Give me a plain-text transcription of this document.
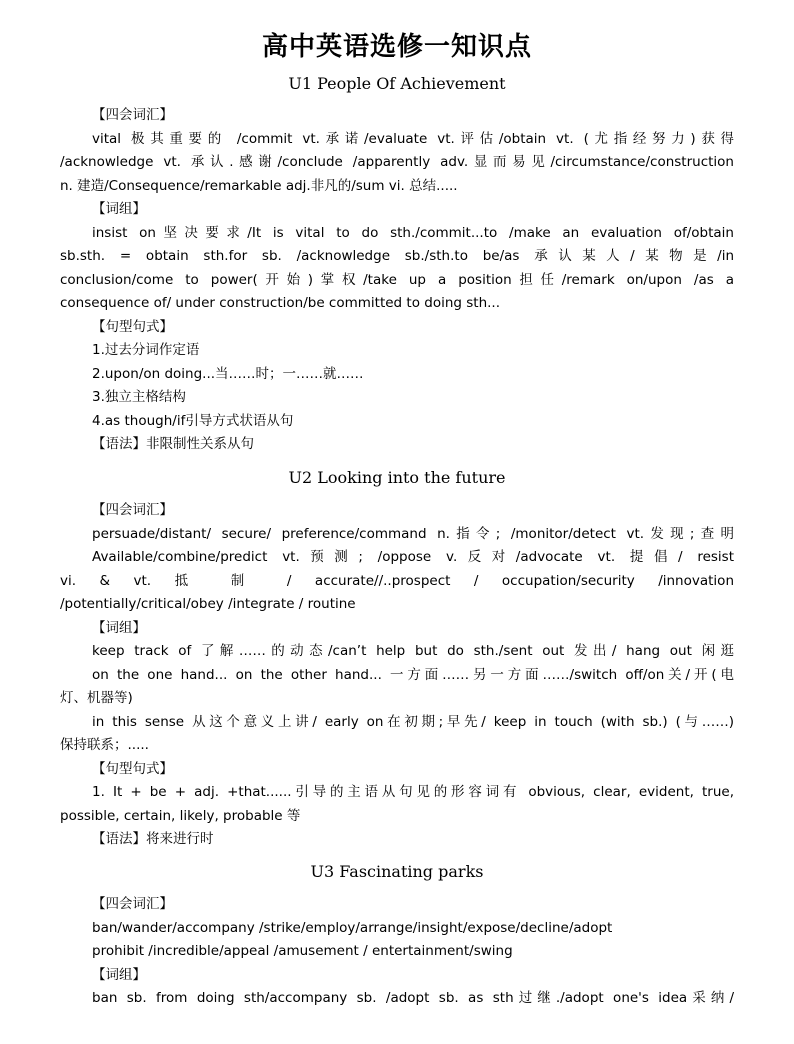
高中英语选修一知识点
U1 People Of Achievement
【四会词汇】
vital 极其重要的 /commit vt.承诺/evaluate vt.评估/obtain vt. (尤指经努力)获得
/acknowledge vt. 承认.感谢/conclude /apparently adv.显而易见/circumstance/construction
n. 建造/Consequence/remarkable adj.非凡的/sum vi. 总结.....
【词组】
insist on坚决要求/It is vital to do sth./commit...to /make an evaluation of/obtain
sb.sth. = obtain sth.for sb. /acknowledge sb./sth.to be/as 承认某人/某物是/in
conclusion/come to power(开始)掌权/take up a position担任/remark on/upon /as a
consequence of/ under construction/be committed to doing sth...
【句型句式】
1.过去分词作定语
2.upon/on doing...当……时；一……就……
3.独立主格结构
4.as though/if引导方式状语从句
【语法】非限制性关系从句
U2 Looking into the future
【四会词汇】
persuade/distant/ secure/ preference/command n.指令; /monitor/detect vt.发现;查明
Available/combine/predict vt.预测; /oppose v.反对/advocate vt. 提倡/ resist
vi. & vt. 抵 制 / accurate//..prospect / occupation/security /innovation
/potentially/critical/obey /integrate / routine
【词组】
keep track of 了解……的动态/can’t help but do sth./sent out 发出/ hang out 闲逛
on the one hand... on the other hand... 一方面……另一方面……/switch off/on关/开(电
灯、机器等)
in this sense 从这个意义上讲/ early on在初期;早先/ keep in touch (with sb.) (与……)
保持联系；.....
【句型句式】
1. It + be + adj. +that......引导的主语从句见的形容词有 obvious, clear, evident, true,
possible, certain, likely, probable 等
【语法】将来进行时
U3 Fascinating parks
【四会词汇】
ban/wander/accompany /strike/employ/arrange/insight/expose/decline/adopt
prohibit /incredible/appeal /amusement / entertainment/swing
【词组】
ban sb. from doing sth/accompany sb. /adopt sb. as sth过继./adopt one's idea采纳/
